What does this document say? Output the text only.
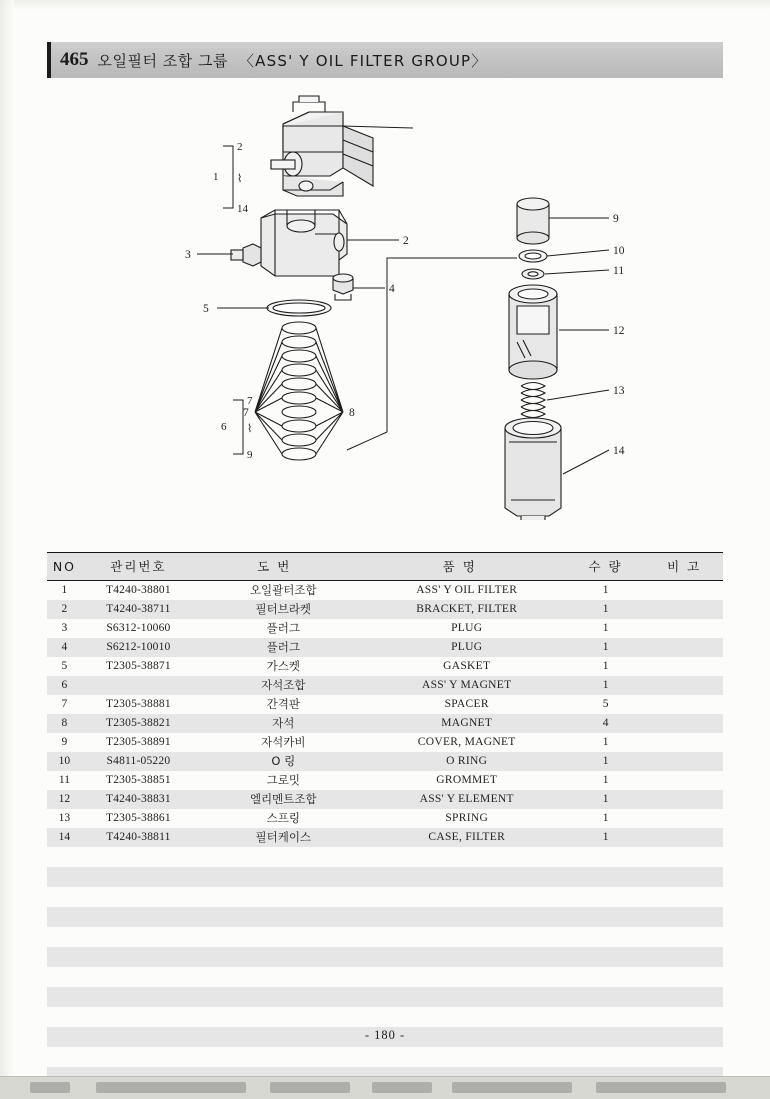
465 오일필터 조합 그룹 〈ASS' Y OIL FILTER GROUP〉
1
2
⌇
14
6
7
⌇
9
2
3
4
5
7	8
9
10
11
12
13
14
NO	관리번호	도 번	품 명	수 량	비 고
1	T4240-38801	오일괄터조합	ASS' Y OIL FILTER	1	
2	T4240-38711	필터브라켓	BRACKET, FILTER	1	
3	S6312-10060	플러그	PLUG	1	
4	S6212-10010	플러그	PLUG	1	
5	T2305-38871	가스켓	GASKET	1	
6		자석조합	ASS' Y MAGNET	1	
7	T2305-38881	간격판	SPACER	5	
8	T2305-38821	자석	MAGNET	4	
9	T2305-38891	자석카비	COVER, MAGNET	1	
10	S4811-05220	O 링	O RING	1	
11	T2305-38851	그로밋	GROMMET	1	
12	T4240-38831	엘리멘트조합	ASS' Y ELEMENT	1	
13	T2305-38861	스프링	SPRING	1	
14	T4240-38811	필터케이스	CASE, FILTER	1	

- 180 -
